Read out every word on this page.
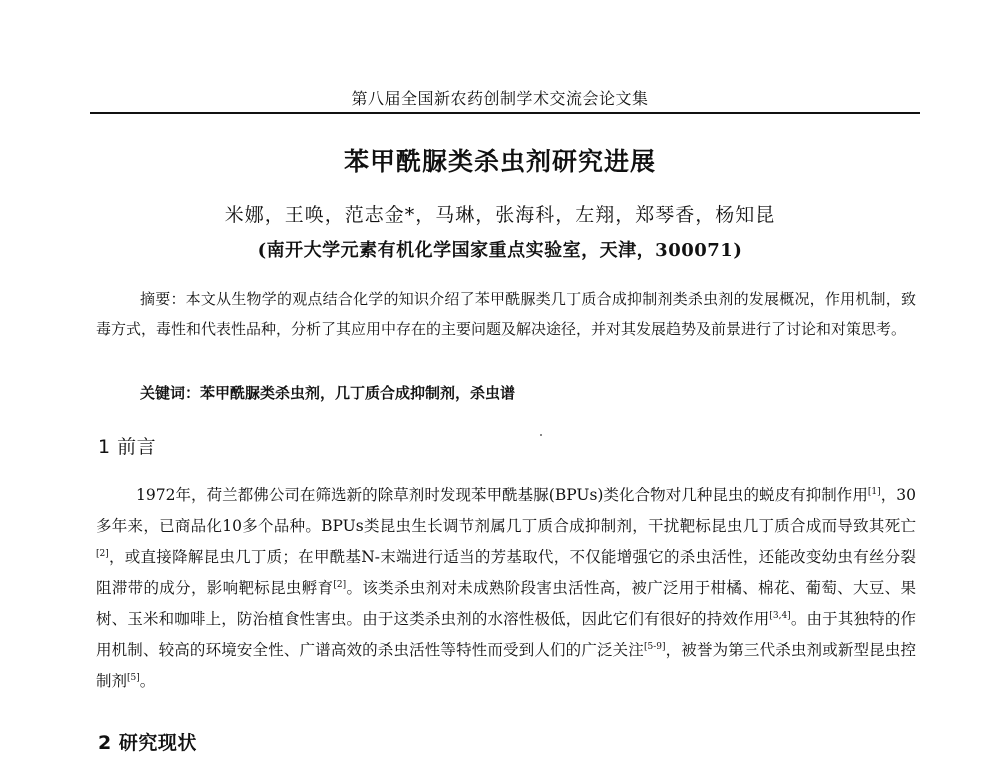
第八届全国新农药创制学术交流会论文集
苯甲酰脲类杀虫剂研究进展
米娜，王唤，范志金*，马琳，张海科，左翔，郑琴香，杨知昆
(南开大学元素有机化学国家重点实验室，天津，300071)
摘要：本文从生物学的观点结合化学的知识介绍了苯甲酰脲类几丁质合成抑制剂类杀虫剂的发展概况，作用机制，致毒方式，毒性和代表性品种，分析了其应用中存在的主要问题及解决途径，并对其发展趋势及前景进行了讨论和对策思考。
关键词：苯甲酰脲类杀虫剂，几丁质合成抑制剂，杀虫谱
1 前言
1972年，荷兰都佛公司在筛选新的除草剂时发现苯甲酰基脲(BPUs)类化合物对几种昆虫的蜕皮有抑制作用[1]，30多年来，已商品化10多个品种。BPUs类昆虫生长调节剂属几丁质合成抑制剂，干扰靶标昆虫几丁质合成而导致其死亡[2]，或直接降解昆虫几丁质；在甲酰基N-末端进行适当的芳基取代，不仅能增强它的杀虫活性，还能改变幼虫有丝分裂阻滞带的成分，影响靶标昆虫孵育[2]。该类杀虫剂对未成熟阶段害虫活性高，被广泛用于柑橘、棉花、葡萄、大豆、果树、玉米和咖啡上，防治植食性害虫。由于这类杀虫剂的水溶性极低，因此它们有很好的持效作用[3,4]。由于其独特的作用机制、较高的环境安全性、广谱高效的杀虫活性等特性而受到人们的广泛关注[5-9]，被誉为第三代杀虫剂或新型昆虫控制剂[5]。
2 研究现状
